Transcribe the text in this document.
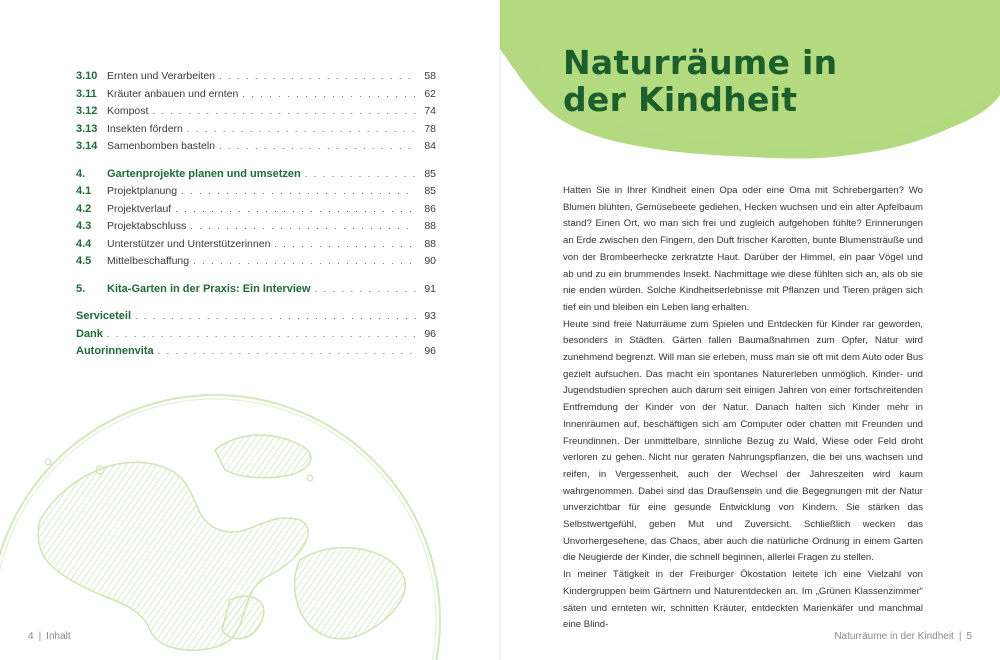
3.10 Ernten und Verarbeiten . . .	58
3.11 Kräuter anbauen und ernten . . .	62
3.12 Kompost . . .	74
3.13 Insekten fördern . . .	78
3.14 Samenbomben basteln . . .	84
4.	Gartenprojekte planen und umsetzen . . .	85
4.1	Projektplanung . . .	85
4.2	Projektverlauf . . .	86
4.3	Projektabschluss . . .	88
4.4	Unterstützer und Unterstützerinnen . . .	88
4.5	Mittelbeschaffung . . .	90
5.	Kita-Garten in der Praxis: Ein Interview . . .	91
Serviceteil . . .	93
Dank . . .	96
Autorinnenvita . . .	96
4 | Inhalt
Naturräume in
der Kindheit

Hatten Sie in Ihrer Kindheit einen Opa oder eine Oma mit Schrebergarten? Wo Blumen blühten, Gemüsebeete gediehen, Hecken wuchsen und ein alter Apfelbaum stand? Einen Ort, wo man sich frei und zugleich aufgehoben fühlte? Erinnerungen an Erde zwischen den Fingern, den Duft frischer Karotten, bunte Blumensträuße und von der Brombeerhecke zerkratzte Haut. Darüber der Himmel, ein paar Vögel und ab und zu ein brummendes Insekt. Nachmittage wie diese fühlten sich an, als ob sie nie enden würden. Solche Kindheitserlebnisse mit Pflanzen und Tieren prägen sich tief ein und bleiben ein Leben lang erhalten.

Heute sind freie Naturräume zum Spielen und Entdecken für Kinder rar geworden, besonders in Städten. Gärten fallen Baumaßnahmen zum Opfer, Natur wird zunehmend begrenzt. Will man sie erleben, muss man sie oft mit dem Auto oder Bus gezielt aufsuchen. Das macht ein spontanes Naturerleben unmöglich. Kinder- und Jugendstudien sprechen auch darum seit einigen Jahren von einer fortschreitenden Entfremdung der Kinder von der Natur. Danach halten sich Kinder mehr in Innenräumen auf, beschäftigen sich am Computer oder chatten mit Freunden und Freundinnen. Der unmittelbare, sinnliche Bezug zu Wald, Wiese oder Feld droht verloren zu gehen. Nicht nur geraten Nahrungspflanzen, die bei uns wachsen und reifen, in Vergessenheit, auch der Wechsel der Jahreszeiten wird kaum wahrgenommen. Dabei sind das Draußensein und die Begegnungen mit der Natur unverzichtbar für eine gesunde Entwicklung von Kindern. Sie stärken das Selbstwertgefühl, geben Mut und Zuversicht. Schließlich wecken das Unvorhergesehene, das Chaos, aber auch die natürliche Ordnung in einem Garten die Neugierde der Kinder, die schnell beginnen, allerlei Fragen zu stellen.

In meiner Tätigkeit in der Freiburger Ökostation leitete ich eine Vielzahl von Kindergruppen beim Gärtnern und Naturentdecken an. Im „Grünen Klassenzimmer“ säten und ernteten wir, schnitten Kräuter, entdeckten Marienkäfer und manchmal eine Blind-

Naturräume in der Kindheit | 5
